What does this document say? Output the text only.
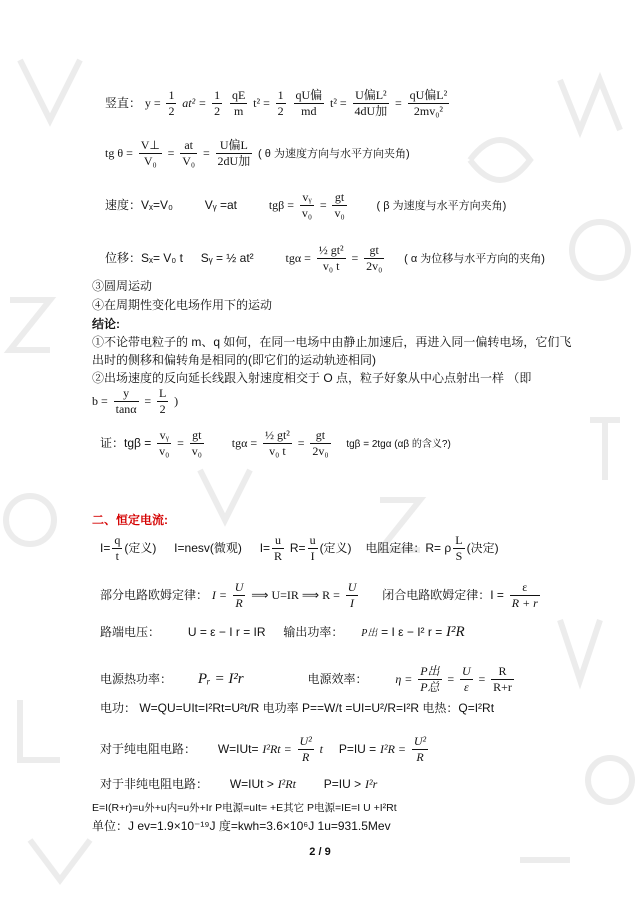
竖直： $y = \frac{1}{2} at^2 = \frac{1}{2}$
$\frac{qE}{m} t^2 = \frac{1}{2}$
$\frac{\text{qU偏}}{md} t^2 = \frac{\text{U偏L²}}{\text{4dU加}} = \frac{\text{qU偏L²}}{\text{2mv₀²}}$
tg $\theta = \frac{V\perp}{\text{V₀}} = \frac{at}{\text{V₀}} = \frac{\text{U偏L}}{\text{2dU加}}$ ( θ 为速度方向与水平方向夹角)
速度：Vₓ=V₀	Vᵧ =at	$tg\beta = \frac{\text{vᵧ}}{\text{v₀}} = \frac{gt}{\text{v₀}}$	( β 为速度与水平方向夹角)
位移：Sₓ= V₀ t Sᵧ = ½ at²	$tg\alpha = \frac{\text{½ gt²}}{\text{v₀ t}} = \frac{gt}{\text{2v₀}}$ ( α 为位移与水平方向的夹角)
③圆周运动
④在周期性变化电场作用下的运动
结论:
①不论带电粒子的 m、q 如何，在同一电场中由静止加速后，再进入同一偏转电场，它们飞
出时的侧移和偏转角是相同的(即它们的运动轨迹相同)
②出场速度的反向延长线跟入射速度相交于 O 点，粒子好象从中心点射出一样 （即
$b = \frac{y}{\tan\alpha} = \frac{L}{2}$ )
证：$tg\beta = \frac{\text{vᵧ}}{\text{v₀}} = \frac{gt}{\text{v₀}}$ $tg\alpha = \frac{\text{½ gt²}}{\text{v₀ t}} = \frac{gt}{\text{2v₀}}$ tgβ = 2tgα (αβ 的含义?)
二、恒定电流:
$I= \frac{q}{t}$ (定义) I=nesv(微观) $I= \frac{u}{R} R= \frac{u}{I}$ (定义) 电阻定律：R= ρ $\frac{L}{S}$ (决定)
部分电路欧姆定律： $I = \frac{U}{R}$ ⟹ U=IR ⟹ $R = \frac{U}{I}$ 闭合电路欧姆定律：$I = \frac{\varepsilon}{R + r}$
路端电压： U = ε − I r = IR 输出功率： P出 = I ε − I² r = I²R
电源热功率： Pᵣ = I²r	电源效率： $\eta = \frac{\text{P出}}{\text{P总}} = \frac{U}{\varepsilon} = \frac{R}{R+r}$
电功： W=QU=UIt=I²Rt=U²t/R 电功率 P==W/t =UI=U²/R=I²R 电热：Q=I²Rt
对于纯电阻电路： $W=IUt= I^2Rt = \frac{\text{U²}}{R}$ t $P=IU = I^2R = \frac{\text{U²}}{R}$
对于非纯电阻电路： W=IUt > I²Rt P=IU > I²r
E=I(R+r)=u外+u内=u外+Ir P电源=uIt= +E其它 P电源=IE=I U +I²Rt
单位：J ev=1.9×10⁻¹⁹J 度=kwh=3.6×10⁶J 1u=931.5Mev
2 / 9
